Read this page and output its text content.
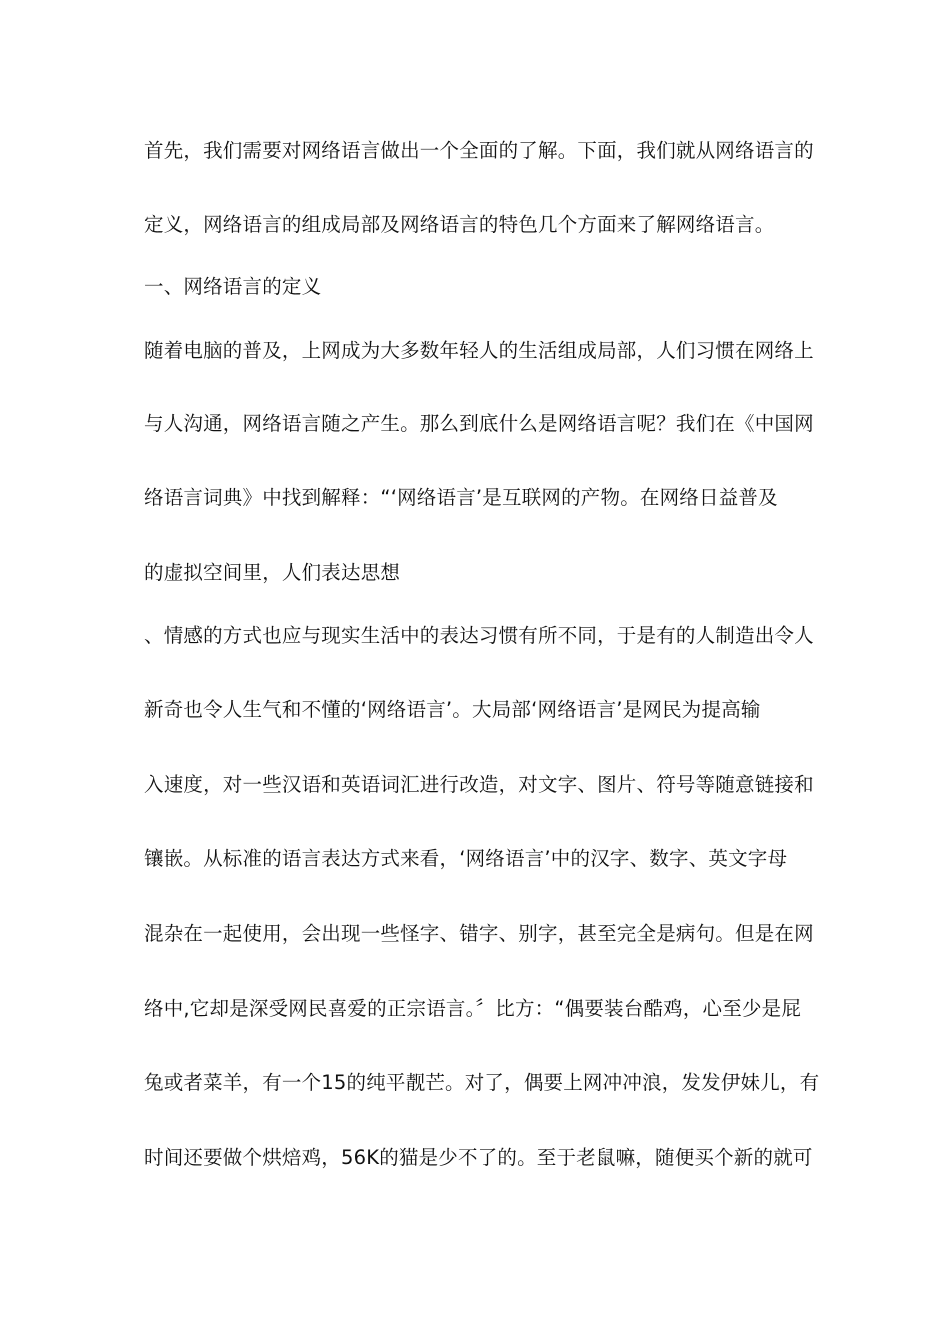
首先，我们需要对网络语言做出一个全面的了解。下面，我们就从网络语言的
定义，网络语言的组成局部及网络语言的特色几个方面来了解网络语言。
一、网络语言的定义
随着电脑的普及，上网成为大多数年轻人的生活组成局部，人们习惯在网络上
与人沟通，网络语言随之产生。那么到底什么是网络语言呢？我们在《中国网
络语言词典》中找到解释：“‘网络语言’是互联网的产物。在网络日益普及
的虚拟空间里，人们表达思想
、情感的方式也应与现实生活中的表达习惯有所不同，于是有的人制造出令人
新奇也令人生气和不懂的‘网络语言’。大局部‘网络语言’是网民为提高输
入速度，对一些汉语和英语词汇进行改造，对文字、图片、符号等随意链接和
镶嵌。从标准的语言表达方式来看，‘网络语言’中的汉字、数字、英文字母
混杂在一起使用，会出现一些怪字、错字、别字，甚至完全是病句。但是在网
络中,它却是深受网民喜爱的正宗语言。〞比方：“偶要装台酷鸡，心至少是屁
兔或者菜羊，有一个15的纯平靓芒。对了，偶要上网冲冲浪，发发伊妹儿，有
时间还要做个烘焙鸡，56K的猫是少不了的。至于老鼠嘛，随便买个新的就可
